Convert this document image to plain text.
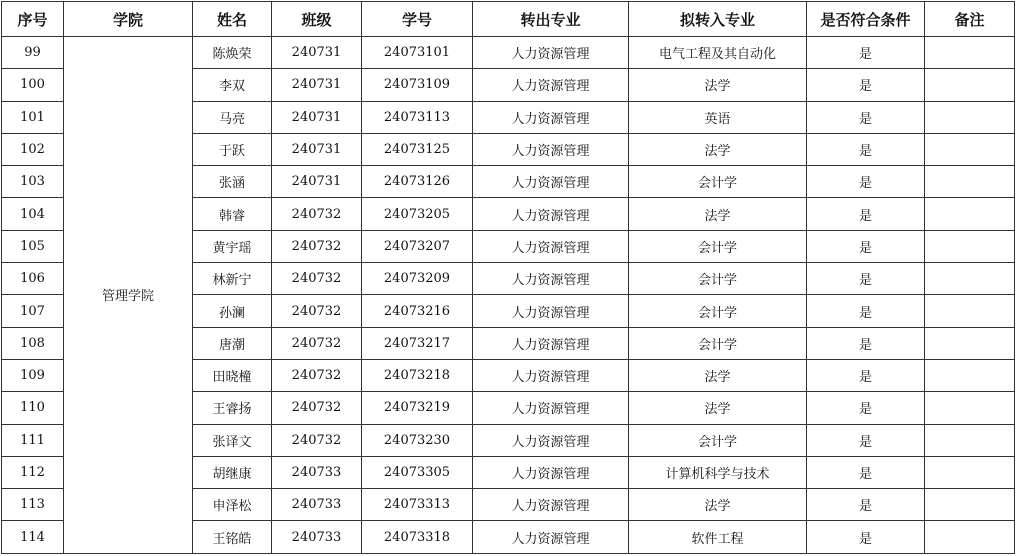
序号	学院	姓名	班级	学号	转出专业	拟转入专业	是否符合条件	备注
99	管理学院	陈焕荣	240731	24073101	人力资源管理	电气工程及其自动化	是	
100		李双	240731	24073109	人力资源管理	法学	是	
101		马亮	240731	24073113	人力资源管理	英语	是	
102		于跃	240731	24073125	人力资源管理	法学	是	
103		张涵	240731	24073126	人力资源管理	会计学	是	
104		韩睿	240732	24073205	人力资源管理	法学	是	
105		黄宇瑶	240732	24073207	人力资源管理	会计学	是	
106		林新宁	240732	24073209	人力资源管理	会计学	是	
107		孙澜	240732	24073216	人力资源管理	会计学	是	
108		唐潮	240732	24073217	人力资源管理	会计学	是	
109		田晓橦	240732	24073218	人力资源管理	法学	是	
110		王睿扬	240732	24073219	人力资源管理	法学	是	
111		张译文	240732	24073230	人力资源管理	会计学	是	
112		胡继康	240733	24073305	人力资源管理	计算机科学与技术	是	
113		申泽松	240733	24073313	人力资源管理	法学	是	
114		王铭皓	240733	24073318	人力资源管理	软件工程	是	
